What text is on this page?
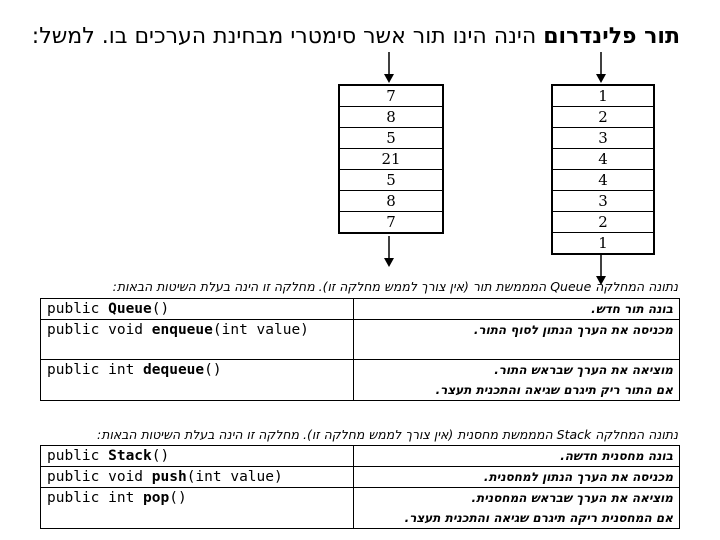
תור פלינדרום הינה הינו תור אשר סימטרי מבחינת הערכים בו. למשל:
7
8
5
21
5
8
7
1
2
3
4
4
3
2
1
נתונה המחלקה Queue המממשת תור (אין צורך לממש מחלקה זו). מחלקה זו הינה בעלת השיטות הבאות:
public Queue()	בונה תור חדש.

public void enqueue(int value)	מכניסה את הערך הנתון לסוף התור.

public int dequeue()	מוציאה את הערך שבראש התור.
אם התור ריק תיגרם שגיאה והתכנית תעצר.
נתונה המחלקה Stack המממשת מחסנית (אין צורך לממש מחלקה זו). מחלקה זו הינה בעלת השיטות הבאות:
public Stack()	בונה מחסנית חדשה.

public void push(int value)	מכניסה את הערך הנתון למחסנית.

public int pop()	מוציאה את הערך שבראש המחסנית.
אם המחסנית ריקה תיגרם שגיאה והתכנית תעצר.
